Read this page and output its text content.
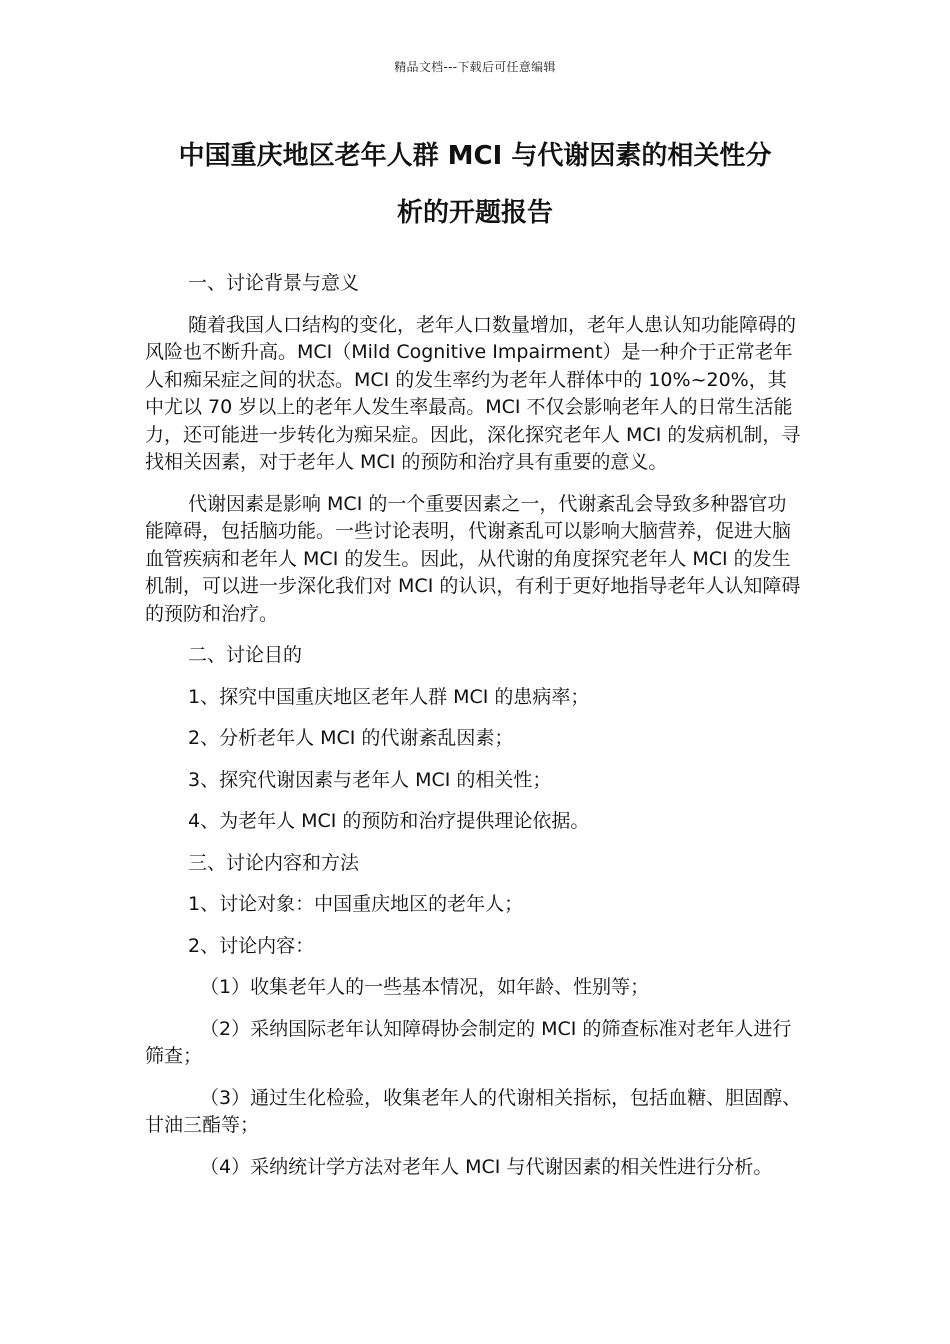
精品文档---下载后可任意编辑
中国重庆地区老年人群 MCI 与代谢因素的相关性分
析的开题报告

一、讨论背景与意义

随着我国人口结构的变化，老年人口数量增加，老年人患认知功能障碍的风险也不断升高。MCI（Mild Cognitive Impairment）是一种介于正常老年人和痴呆症之间的状态。MCI 的发生率约为老年人群体中的 10%~20%，其中尤以 70 岁以上的老年人发生率最高。MCI 不仅会影响老年人的日常生活能力，还可能进一步转化为痴呆症。因此，深化探究老年人 MCI 的发病机制，寻找相关因素，对于老年人 MCI 的预防和治疗具有重要的意义。

代谢因素是影响 MCI 的一个重要因素之一，代谢紊乱会导致多种器官功能障碍，包括脑功能。一些讨论表明，代谢紊乱可以影响大脑营养，促进大脑血管疾病和老年人 MCI 的发生。因此，从代谢的角度探究老年人 MCI 的发生机制，可以进一步深化我们对 MCI 的认识，有利于更好地指导老年人认知障碍的预防和治疗。

二、讨论目的

1、探究中国重庆地区老年人群 MCI 的患病率；

2、分析老年人 MCI 的代谢紊乱因素；

3、探究代谢因素与老年人 MCI 的相关性；

4、为老年人 MCI 的预防和治疗提供理论依据。

三、讨论内容和方法

1、讨论对象：中国重庆地区的老年人；

2、讨论内容：

（1）收集老年人的一些基本情况，如年龄、性别等；

（2）采纳国际老年认知障碍协会制定的 MCI 的筛查标准对老年人进行筛查；

（3）通过生化检验，收集老年人的代谢相关指标，包括血糖、胆固醇、甘油三酯等；

（4）采纳统计学方法对老年人 MCI 与代谢因素的相关性进行分析。
